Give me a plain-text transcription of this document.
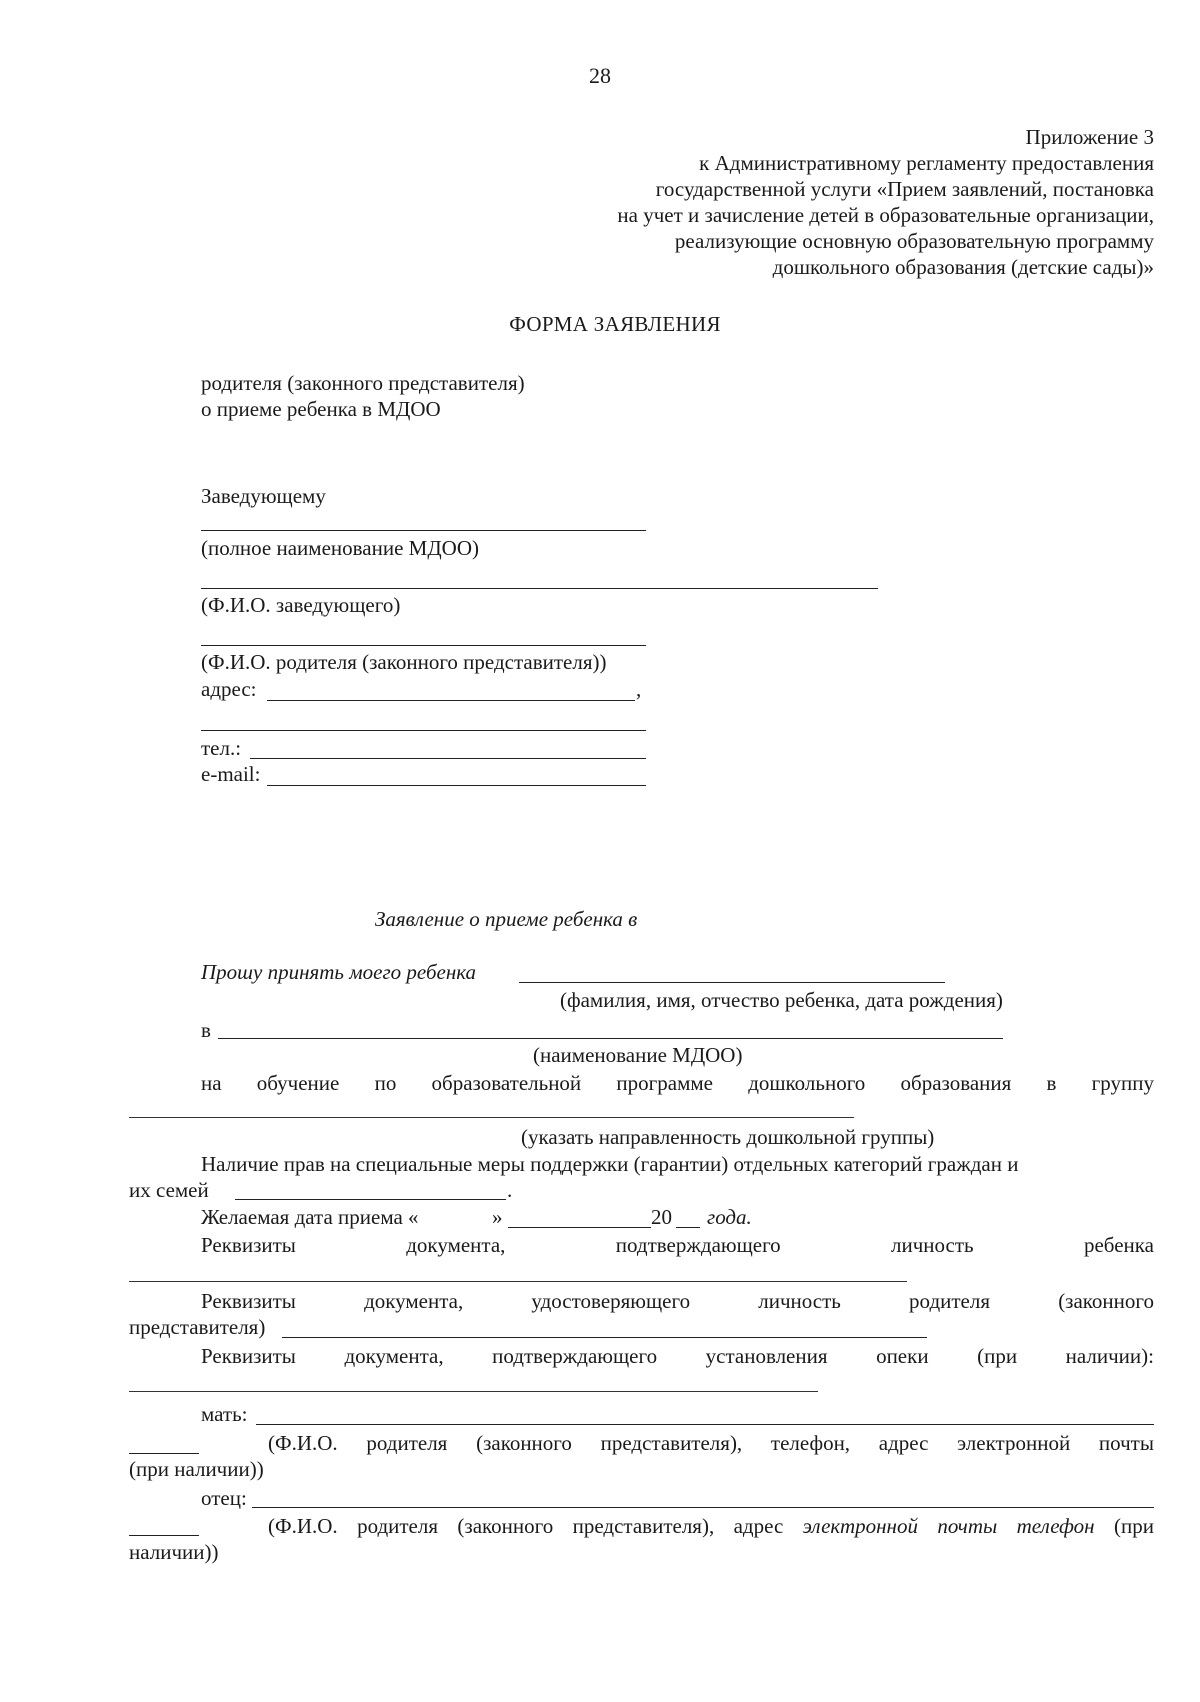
28
Приложение 3
к Административному регламенту предоставления
государственной услуги «Прием заявлений, постановка
на учет и зачисление детей в образовательные организации,
реализующие основную образовательную программу
дошкольного образования (детские сады)»
ФОРМА ЗАЯВЛЕНИЯ
родителя (законного представителя)
о приеме ребенка в МДОО
Заведующему
(полное наименование МДОО)
(Ф.И.О. заведующего)
(Ф.И.О. родителя (законного представителя))
адрес:	,
тел.:
e-mail:
Заявление о приеме ребенка в
Прошу принять моего ребенка
(фамилия, имя, отчество ребенка, дата рождения)
в
(наименование МДОО)
на обучение по образовательной программе дошкольного образования в группу
(указать направленность дошкольной группы)
Наличие прав на специальные меры поддержки (гарантии) отдельных категорий граждан и
их семей	.
Желаемая дата приема «	»	20 года.
Реквизиты	документа,	подтверждающего	личность	ребенка
Реквизиты	документа,	удостоверяющего	личность	родителя	(законного
представителя)
Реквизиты документа, подтверждающего установления опеки (при наличии):
мать:
(Ф.И.О. родителя (законного представителя), телефон, адрес электронной почты
(при наличии))
отец:
(Ф.И.О. родителя (законного представителя), адрес электронной почты телефон (при
наличии))
